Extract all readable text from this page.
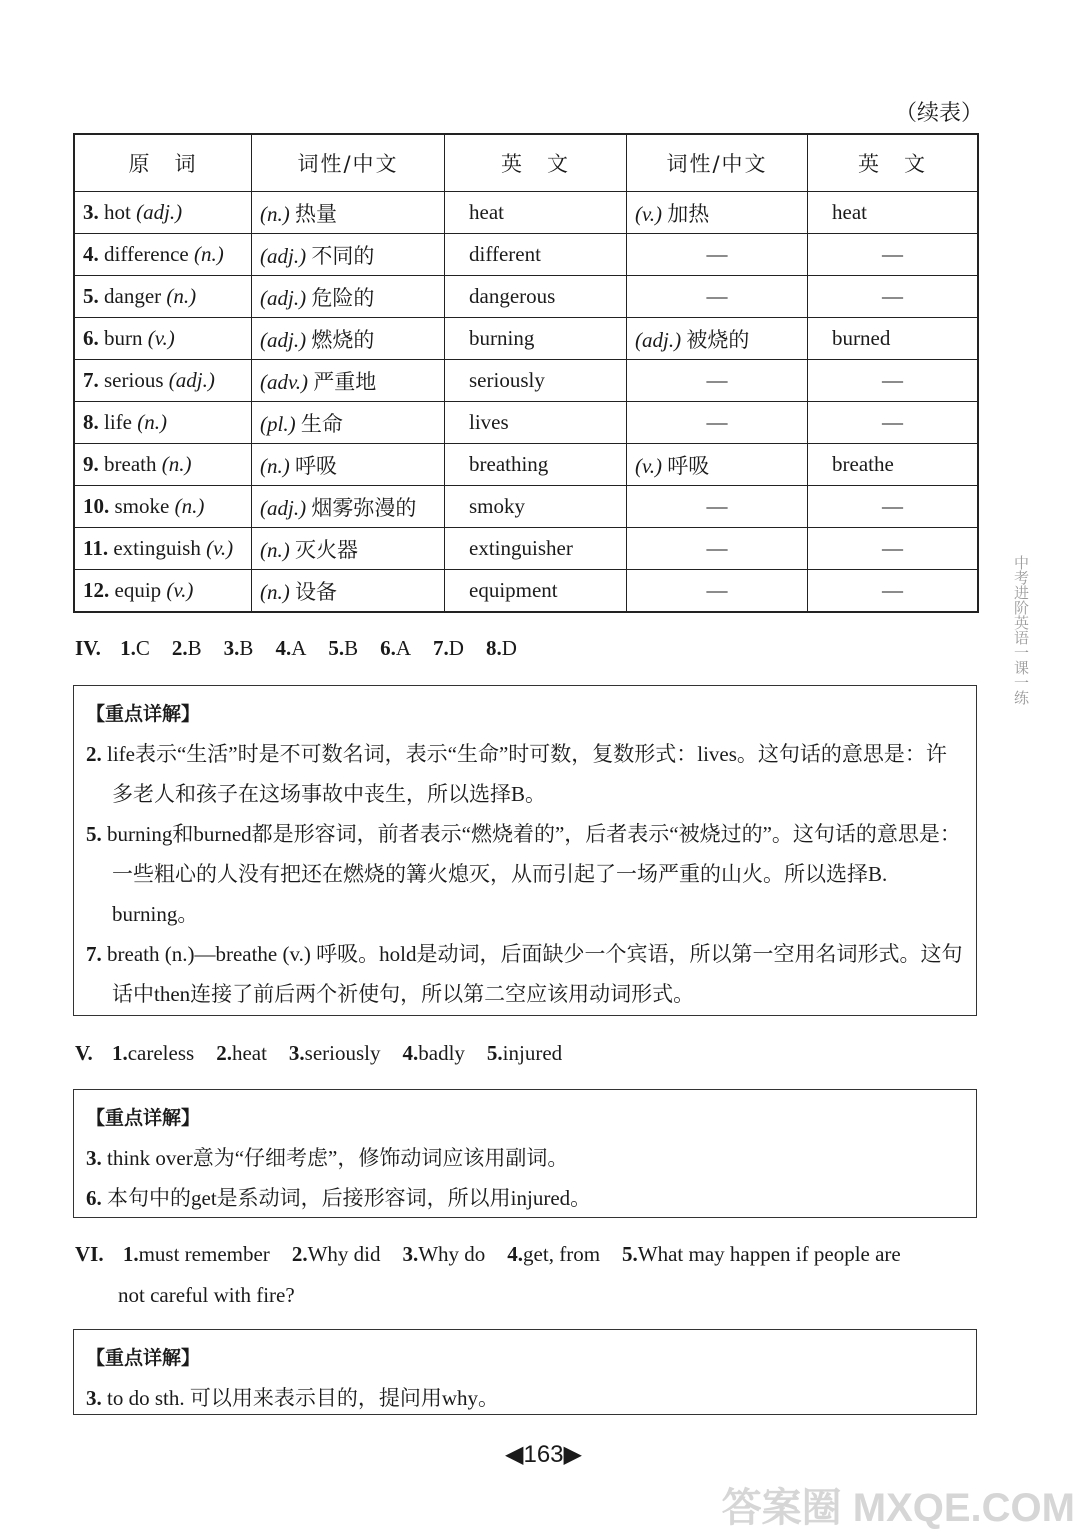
（续表）
原　词	词性/中文	英　文	词性/中文	英　文
3. hot (adj.)	(n.) 热量	heat	(v.) 加热	heat
4. difference (n.)	(adj.) 不同的	different	—	—
5. danger (n.)	(adj.) 危险的	dangerous	—	—
6. burn (v.)	(adj.) 燃烧的	burning	(adj.) 被烧的	burned
7. serious (adj.)	(adv.) 严重地	seriously	—	—
8. life (n.)	(pl.) 生命	lives	—	—
9. breath (n.)	(n.) 呼吸	breathing	(v.) 呼吸	breathe
10. smoke (n.)	(adj.) 烟雾弥漫的	smoky	—	—
11. extinguish (v.)	(n.) 灭火器	extinguisher	—	—
12. equip (v.)	(n.) 设备	equipment	—	—
IV. 1.C 2.B 3.B 4.A 5.B 6.A 7.D 8.D
【重点详解】
2. life表示“生活”时是不可数名词，表示“生命”时可数，复数形式：lives。这句话的意思是：许多老人和孩子在这场事故中丧生，所以选择B。
5. burning和burned都是形容词，前者表示“燃烧着的”，后者表示“被烧过的”。这句话的意思是：一些粗心的人没有把还在燃烧的篝火熄灭，从而引起了一场严重的山火。所以选择B. burning。
7. breath (n.)—breathe (v.) 呼吸。hold是动词，后面缺少一个宾语，所以第一空用名词形式。这句话中then连接了前后两个祈使句，所以第二空应该用动词形式。
V. 1.careless 2.heat 3.seriously 4.badly 5.injured
【重点详解】
3. think over意为“仔细考虑”，修饰动词应该用副词。
6. 本句中的get是系动词，后接形容词，所以用injured。
VI. 1.must remember 2.Why did 3.Why do 4.get, from 5.What may happen if people are
not careful with fire?
【重点详解】
3. to do sth. 可以用来表示目的，提问用why。
◀163▶
中考进阶英语一课一练
答案圈 MXQE.COM
